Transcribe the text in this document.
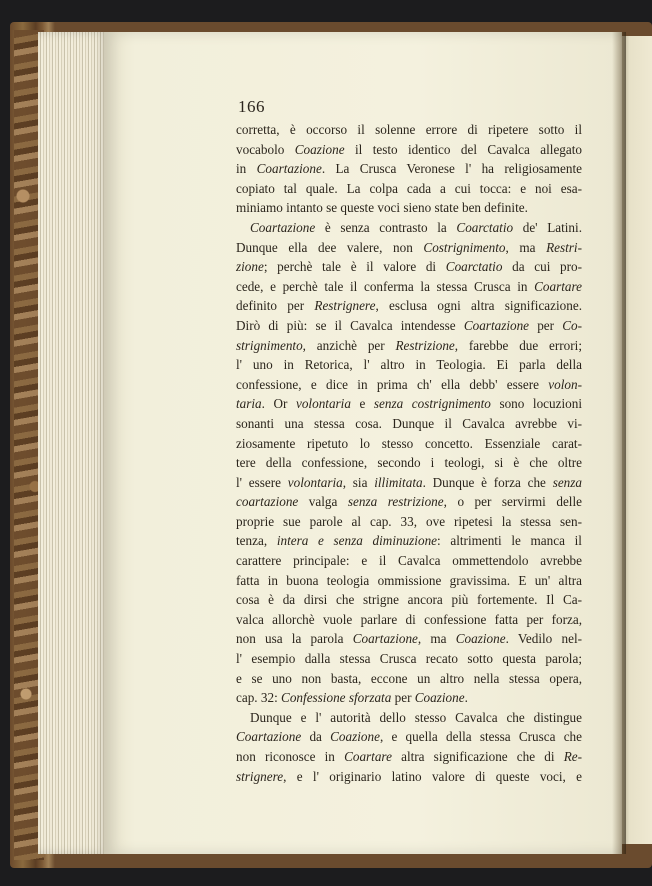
166
corretta, è occorso il solenne errore di ripetere sotto il
vocabolo Coazione il testo identico del Cavalca allegato
in Coartazione. La Crusca Veronese l' ha religiosamente
copiato tal quale. La colpa cada a cui tocca: e noi esa-
miniamo intanto se queste voci sieno state ben definite.
Coartazione è senza contrasto la Coarctatio de' Latini.
Dunque ella dee valere, non Costrignimento, ma Restri-
zione; perchè tale è il valore di Coarctatio da cui pro-
cede, e perchè tale il conferma la stessa Crusca in Coartare
definito per Restrignere, esclusa ogni altra significazione.
Dirò di più: se il Cavalca intendesse Coartazione per Co-
strignimento, anzichè per Restrizione, farebbe due errori;
l' uno in Retorica, l' altro in Teologia. Ei parla della
confessione, e dice in prima ch' ella debb' essere volon-
taria. Or volontaria e senza costrignimento sono locuzioni
sonanti una stessa cosa. Dunque il Cavalca avrebbe vi-
ziosamente ripetuto lo stesso concetto. Essenziale carat-
tere della confessione, secondo i teologi, si è che oltre
l' essere volontaria, sia illimitata. Dunque è forza che senza
coartazione valga senza restrizione, o per servirmi delle
proprie sue parole al cap. 33, ove ripetesi la stessa sen-
tenza, intera e senza diminuzione: altrimenti le manca il
carattere principale: e il Cavalca ommettendolo avrebbe
fatta in buona teologia ommissione gravissima. E un' altra
cosa è da dirsi che strigne ancora più fortemente. Il Ca-
valca allorchè vuole parlare di confessione fatta per forza,
non usa la parola Coartazione, ma Coazione. Vedilo nel-
l' esempio dalla stessa Crusca recato sotto questa parola;
e se uno non basta, eccone un altro nella stessa opera,
cap. 32: Confessione sforzata per Coazione.
Dunque e l' autorità dello stesso Cavalca che distingue
Coartazione da Coazione, e quella della stessa Crusca che
non riconosce in Coartare altra significazione che di Re-
strignere, e l' originario latino valore di queste voci, e
